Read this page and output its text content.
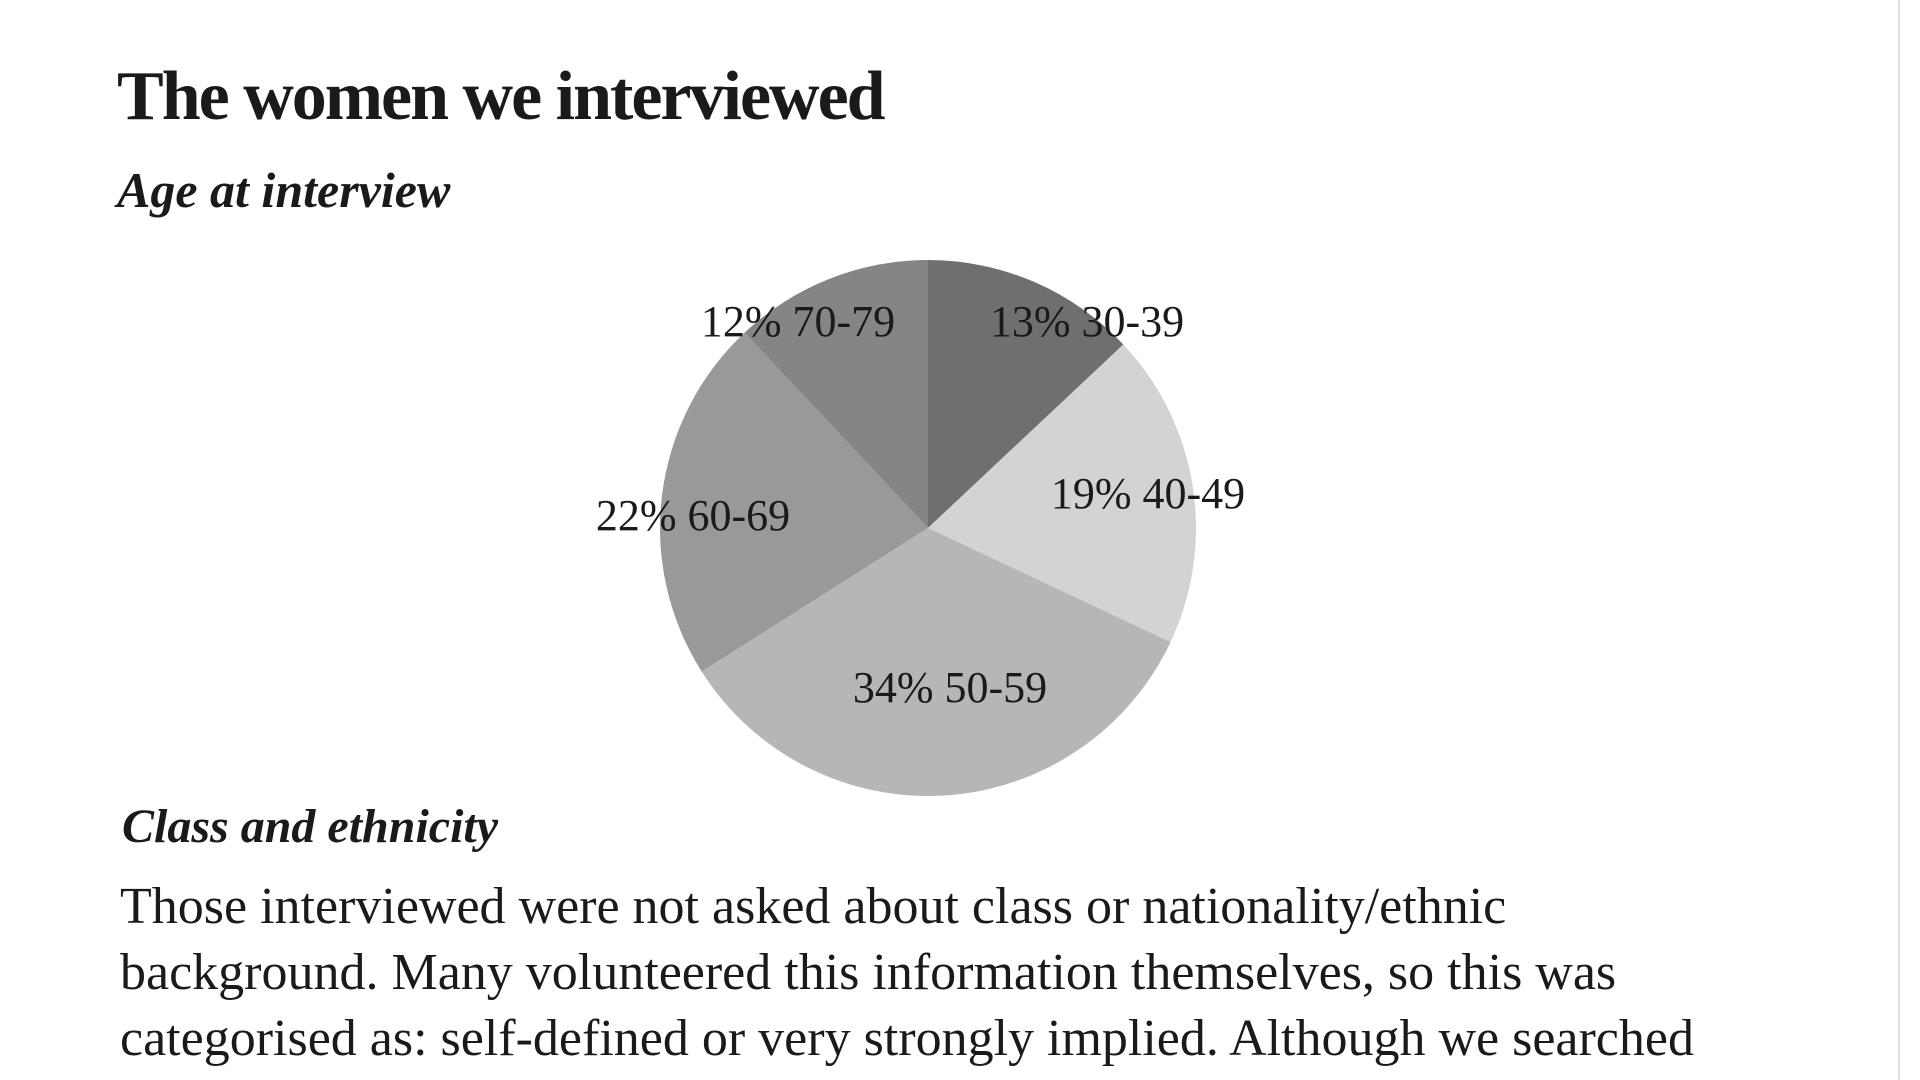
The women we interviewed
Age at interview
13% 30-39
19% 40-49
34% 50-59
22% 60-69
12% 70-79
Class and ethnicity
Those interviewed were not asked about class or nationality/ethnic
background. Many volunteered this information themselves, so this was
categorised as: self-defined or very strongly implied. Although we searched
